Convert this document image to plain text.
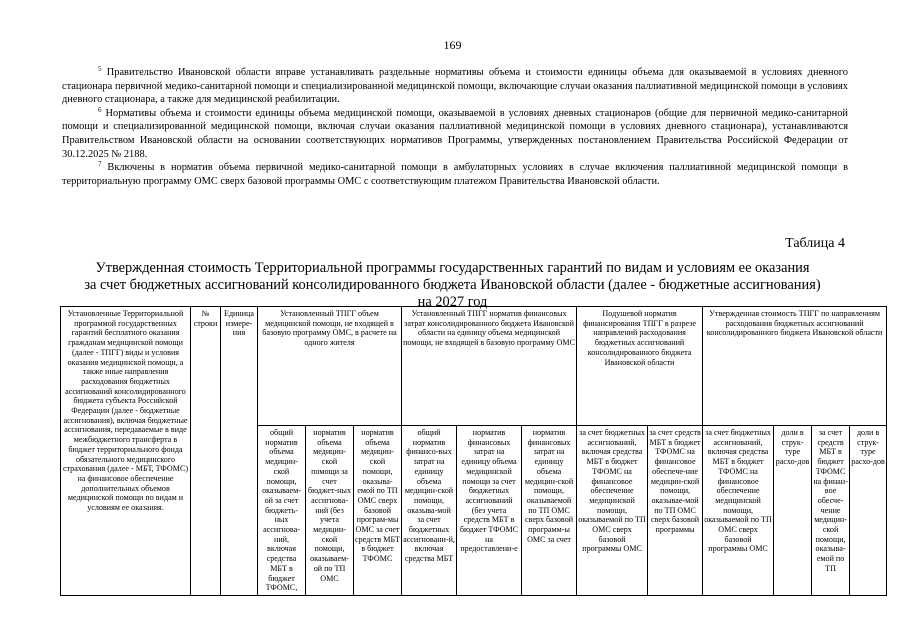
169
$^5$ Правительство Ивановской области вправе устанавливать раздельные нормативы объема и стоимости единицы объема для оказываемой в условиях дневного стационара первичной медико-санитарной помощи и специализированной медицинской помощи, включающие случаи оказания паллиативной медицинской помощи в условиях дневного стационара, а также для медицинской реабилитации.
$^6$ Нормативы объема и стоимости единицы объема медицинской помощи, оказываемой в условиях дневных стационаров (общие для первичной медико-санитарной помощи и специализированной медицинской помощи, включая случаи оказания паллиативной медицинской помощи в условиях дневного стационара), устанавливаются Правительством Ивановской области на основании соответствующих нормативов Программы, утвержденных постановлением Правительства Российской Федерации от 30.12.2025 № 2188.
$^7$ Включены в норматив объема первичной медико-санитарной помощи в амбулаторных условиях в случае включения паллиативной медицинской помощи в территориальную программу ОМС сверх базовой программы ОМС с соответствующим платежом Правительства Ивановской области.
Таблица 4
Утвержденная стоимость Территориальной программы государственных гарантий по видам и условиям ее оказания
за счет бюджетных ассигнований консолидированного бюджета Ивановской области (далее - бюджетные ассигнования)
на 2027 год
Установленные Территориальной программой государственных гарантий бесплатного оказания гражданам медицинской помощи (далее - ТПГГ) виды и условия оказания медицинской помощи, а также иные направления расходования бюджетных ассигнований консолидированного бюджета субъекта Российской Федерации (далее - бюджетные ассигнования), включая бюджетные ассигнования, передаваемые в виде межбюджетного трансферта в бюджет территориального фонда обязательного медицинского страхования (далее - МБТ, ТФОМС) на финансовое обеспечение дополнительных объемов медицинской помощи по видам и условиям ее оказания.	№ строки	Единица измере-ния	Установленный ТПГГ объем медицинской помощи, не входящей в базовую программу ОМС, в расчете на одного жителя			Установленный ТПГГ норматив финансовых затрат консолидированного бюджета Ивановской области на единицу объема медицинской помощи, не входящей в базовую программу ОМС			Подушевой норматив финансирования ТПГГ в разрезе направлений расходования бюджетных ассигнований консолидированного бюджета Ивановской области		Утвержденная стоимость ТПГГ по направлениям расходования бюджетных ассигнований консолидированного бюджета Ивановской области			
			общий норматив объема медицин-ской помощи, оказываем-ой за счет бюджеть-ных ассигнова-ний, включая средства МБТ в бюджет ТФОМС,	норматив объема медицин-ской помощи за счет бюджет-ных ассигнова-ний (без учета медицин-ской помощи, оказываем-ой по ТП ОМС	норматив объема медицин-ской помощи, оказыва-емой по ТП ОМС сверх базовой програм-мы ОМС за счет средств МБТ в бюджет ТФОМС	общий норматив финансо-вых затрат на единицу объема медицин-ской помощи, оказыва-мой за счет бюджетных ассигновани-й, включая средства МБТ	норматив финансовых затрат на единицу объема медицинской помощи за счет бюджетных ассигнований (без учета средств МБТ в бюджет ТФОМС на предоставлени-е	норматив финансовых затрат на единицу объема медицин-ской помощи, оказываемой по ТП ОМС сверх базовой программ-ы ОМС за счет	за счет бюджетных ассигнований, включая средства МБТ в бюджет ТФОМС на финансовое обеспечение медицинской помощи, оказываемой по ТП ОМС сверх базовой программы ОМС	за счет средств МБТ в бюджет ТФОМС на финансовое обеспече-ние медицин-ской помощи, оказывае-мой по ТП ОМС сверх базовой программы	за счет бюджетных ассигнований, включая средства МБТ в бюджет ТФОМС на финансовое обеспечение медицинской помощи, оказываемой по ТП ОМС сверх базовой программы ОМС	доли в струк-туре расхо-дов	за счет средств МБТ в бюджет ТФОМС на финан-вое обесче-чение медицин-ской помощи, оказыва-емой по ТП	доли в струк-туре расхо-дов
